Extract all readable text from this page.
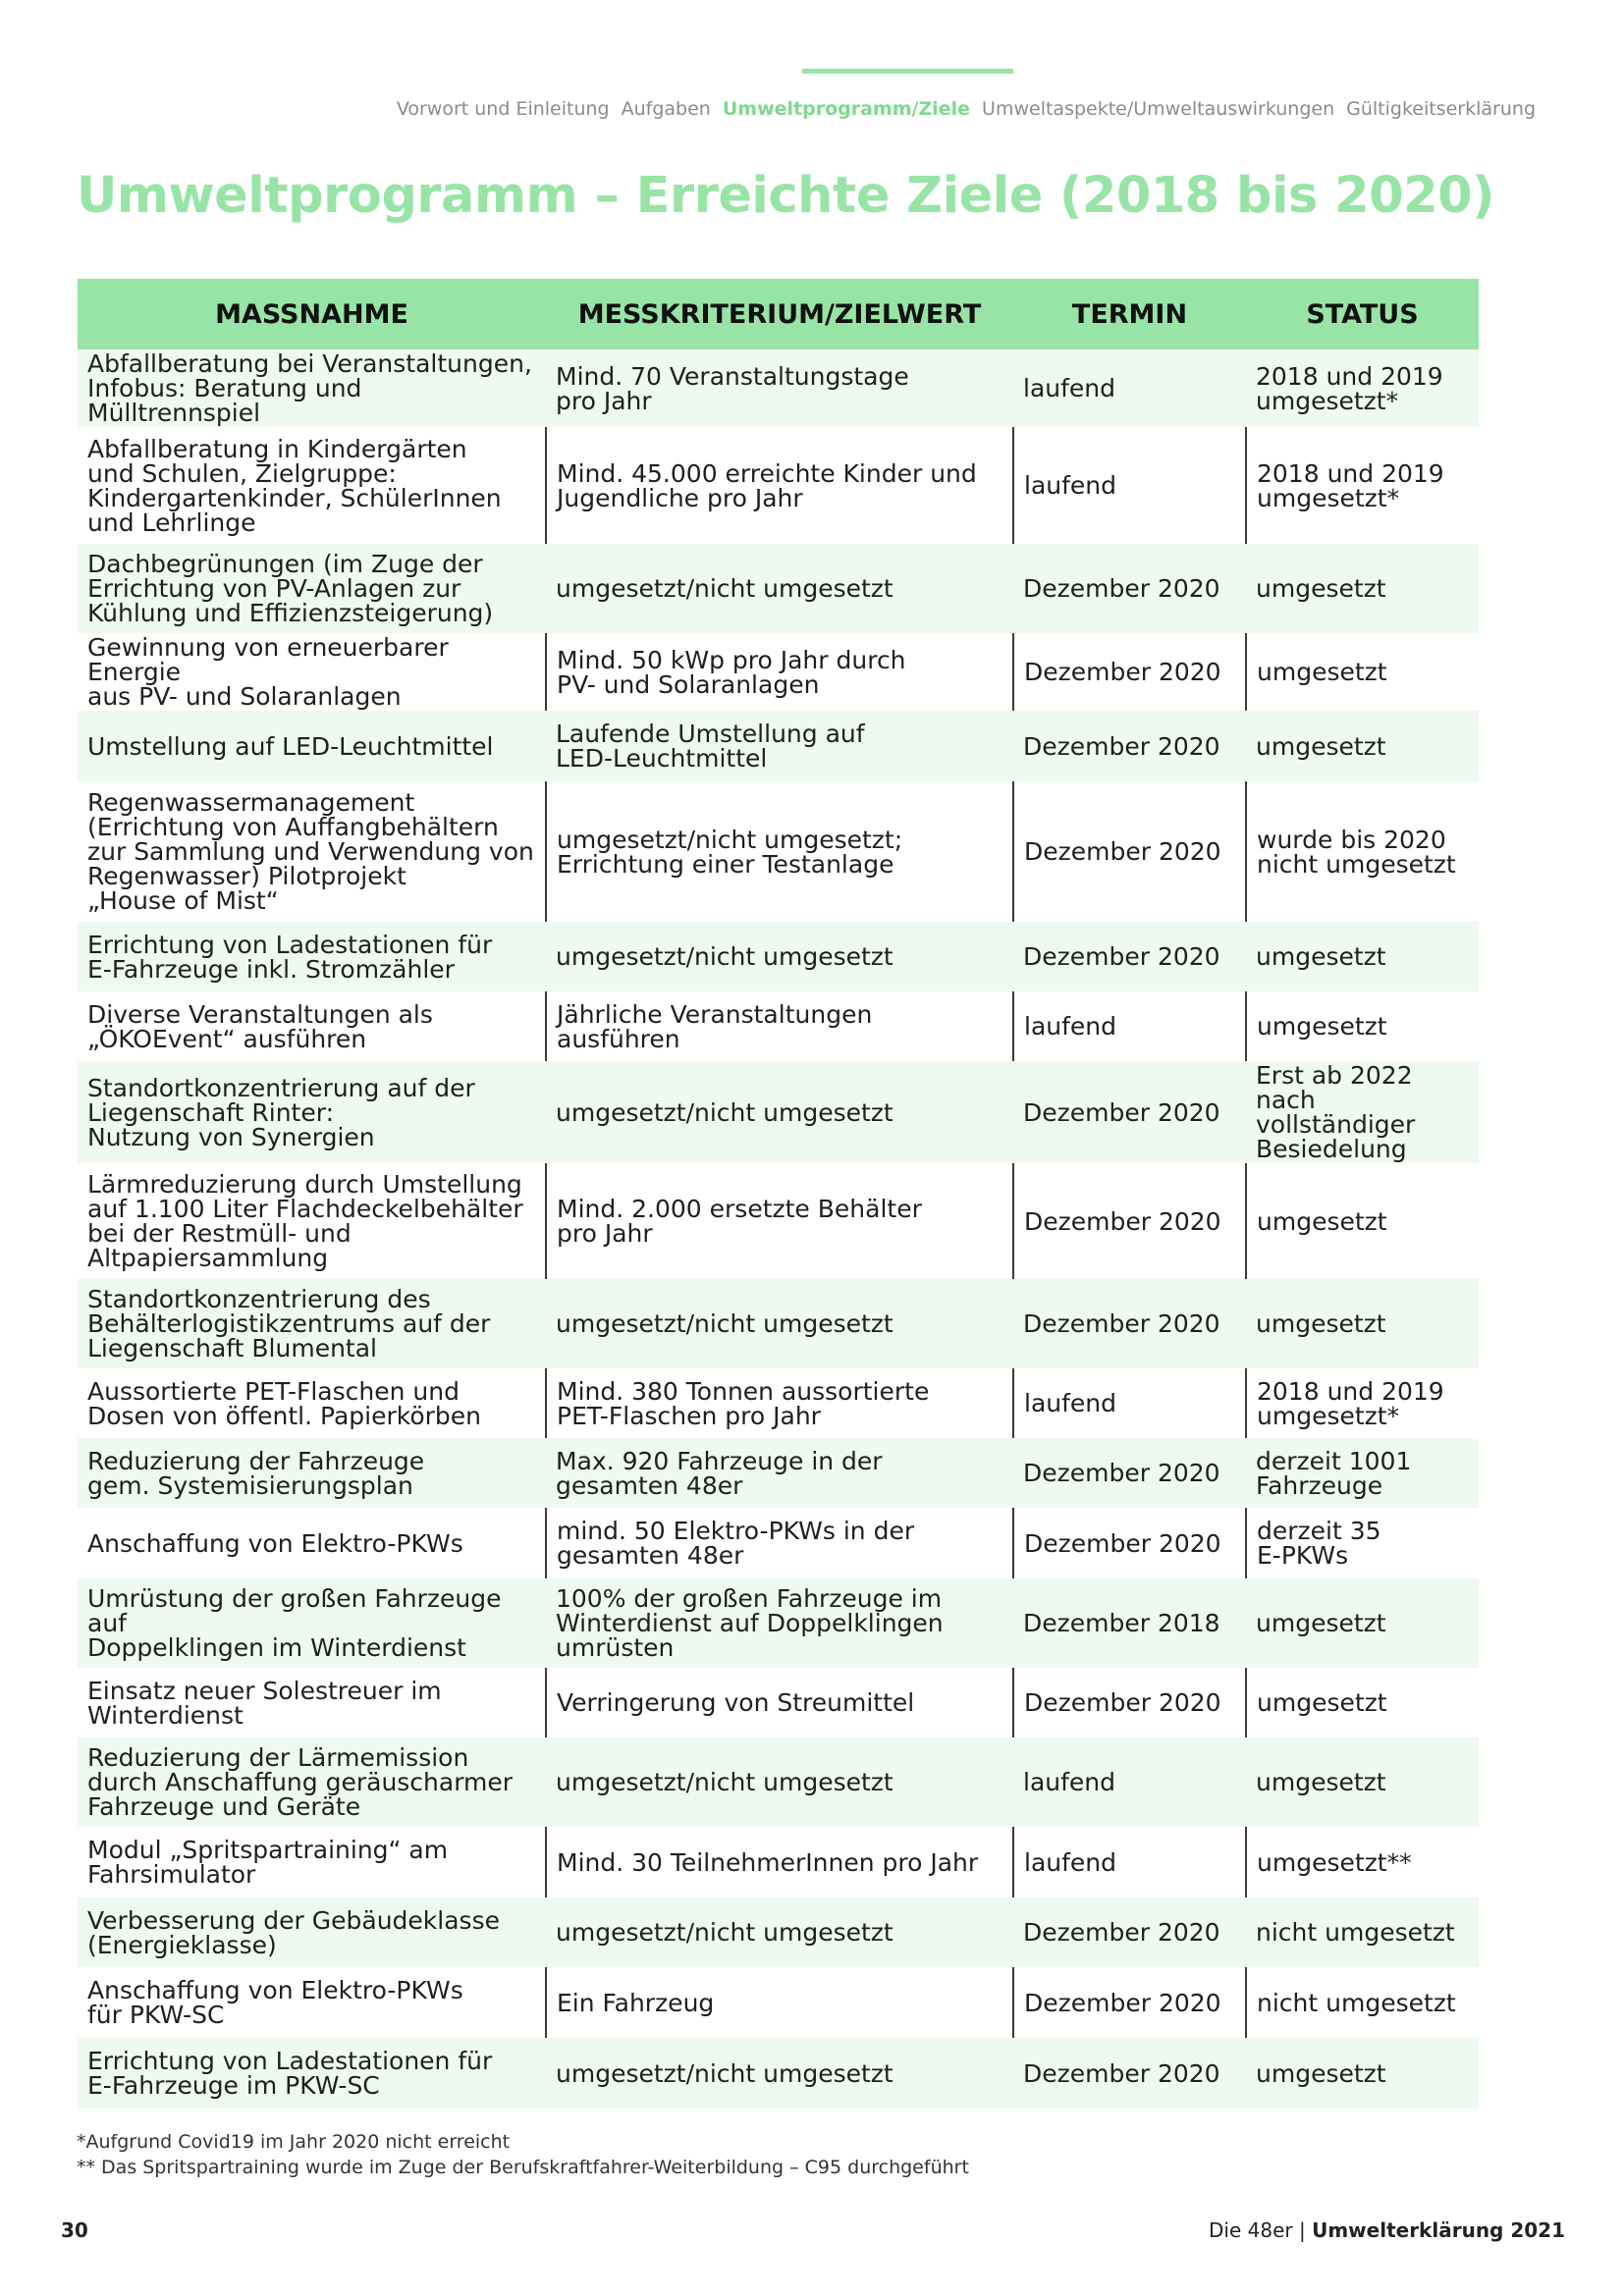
Vorwort und Einleitung Aufgaben Umweltprogramm/Ziele Umweltaspekte/Umweltauswirkungen Gültigkeitserklärung
Umweltprogramm – Erreichte Ziele (2018 bis 2020)
MASSNAHME	MESSKRITERIUM/ZIELWERT	TERMIN	STATUS
Abfallberatung bei Veranstaltungen,
Infobus: Beratung und Mülltrennspiel	Mind. 70 Veranstaltungstage
pro Jahr	laufend	2018 und 2019
umgesetzt*
Abfallberatung in Kindergärten
und Schulen, Zielgruppe:
Kindergartenkinder, SchülerInnen
und Lehrlinge	Mind. 45.000 erreichte Kinder und
Jugendliche pro Jahr	laufend	2018 und 2019
umgesetzt*
Dachbegrünungen (im Zuge der
Errichtung von PV-Anlagen zur
Kühlung und Effizienzsteigerung)	umgesetzt/nicht umgesetzt	Dezember 2020	umgesetzt
Gewinnung von erneuerbarer Energie
aus PV- und Solaranlagen	Mind. 50 kWp pro Jahr durch
PV- und Solaranlagen	Dezember 2020	umgesetzt
Umstellung auf LED-Leuchtmittel	Laufende Umstellung auf
LED-Leuchtmittel	Dezember 2020	umgesetzt
Regenwassermanagement
(Errichtung von Auffangbehältern
zur Sammlung und Verwendung von
Regenwasser) Pilotprojekt
„House of Mist“	umgesetzt/nicht umgesetzt;
Errichtung einer Testanlage	Dezember 2020	wurde bis 2020
nicht umgesetzt
Errichtung von Ladestationen für
E-Fahrzeuge inkl. Stromzähler	umgesetzt/nicht umgesetzt	Dezember 2020	umgesetzt
Diverse Veranstaltungen als
„ÖKOEvent“ ausführen	Jährliche Veranstaltungen ausführen	laufend	umgesetzt
Standortkonzentrierung auf der
Liegenschaft Rinter:
Nutzung von Synergien	umgesetzt/nicht umgesetzt	Dezember 2020	Erst ab 2022 nach
vollständiger
Besiedelung
Lärmreduzierung durch Umstellung
auf 1.100 Liter Flachdeckelbehälter
bei der Restmüll- und
Altpapiersammlung	Mind. 2.000 ersetzte Behälter
pro Jahr	Dezember 2020	umgesetzt
Standortkonzentrierung des
Behälterlogistikzentrums auf der
Liegenschaft Blumental	umgesetzt/nicht umgesetzt	Dezember 2020	umgesetzt
Aussortierte PET-Flaschen und
Dosen von öffentl. Papierkörben	Mind. 380 Tonnen aussortierte
PET-Flaschen pro Jahr	laufend	2018 und 2019
umgesetzt*
Reduzierung der Fahrzeuge
gem. Systemisierungsplan	Max. 920 Fahrzeuge in der
gesamten 48er	Dezember 2020	derzeit 1001
Fahrzeuge
Anschaffung von Elektro-PKWs	mind. 50 Elektro-PKWs in der
gesamten 48er	Dezember 2020	derzeit 35
E-PKWs
Umrüstung der großen Fahrzeuge auf
Doppelklingen im Winterdienst	100% der großen Fahrzeuge im
Winterdienst auf Doppelklingen
umrüsten	Dezember 2018	umgesetzt
Einsatz neuer Solestreuer im
Winterdienst	Verringerung von Streumittel	Dezember 2020	umgesetzt
Reduzierung der Lärmemission
durch Anschaffung geräuscharmer
Fahrzeuge und Geräte	umgesetzt/nicht umgesetzt	laufend	umgesetzt
Modul „Spritspartraining“ am
Fahrsimulator	Mind. 30 TeilnehmerInnen pro Jahr	laufend	umgesetzt**
Verbesserung der Gebäudeklasse
(Energieklasse)	umgesetzt/nicht umgesetzt	Dezember 2020	nicht umgesetzt
Anschaffung von Elektro-PKWs
für PKW-SC	Ein Fahrzeug	Dezember 2020	nicht umgesetzt
Errichtung von Ladestationen für
E-Fahrzeuge im PKW-SC	umgesetzt/nicht umgesetzt	Dezember 2020	umgesetzt
*Aufgrund Covid19 im Jahr 2020 nicht erreicht
** Das Spritspartraining wurde im Zuge der Berufskraftfahrer-Weiterbildung – C95 durchgeführt
30	Die 48er | Umwelterklärung 2021
